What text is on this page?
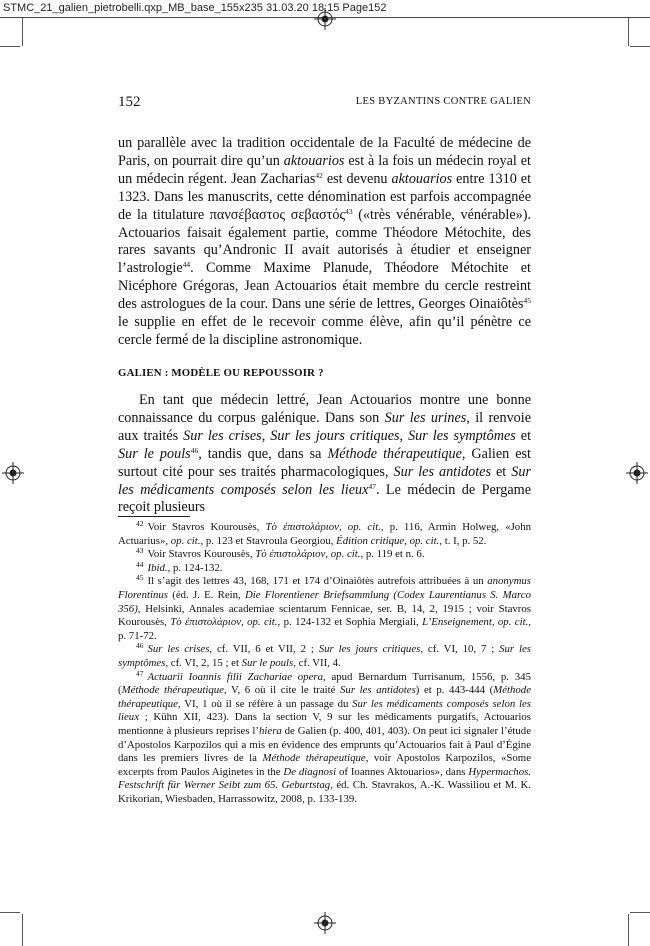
STMC_21_galien_pietrobelli.qxp_MB_base_155x235 31.03.20 18:15 Page152
152	LES BYZANTINS CONTRE GALIEN

un parallèle avec la tradition occidentale de la Faculté de médecine de Paris, on pourrait dire qu’un aktouarios est à la fois un médecin royal et un médecin régent. Jean Zacharias$^{42}$ est devenu aktouarios entre 1310 et 1323. Dans les manuscrits, cette dénomination est parfois accompagnée de la titulature πανσέβαστος σεβαστός$^{43}$ («très vénérable, vénérable»). Actouarios faisait également partie, comme Théodore Métochite, des rares savants qu’Andronic II avait autorisés à étudier et enseigner l’astrologie$^{44}$. Comme Maxime Planude, Théodore Métochite et Nicéphore Grégoras, Jean Actouarios était membre du cercle restreint des astrologues de la cour. Dans une série de lettres, Georges Oinaiôtès$^{45}$ le supplie en effet de le recevoir comme élève, afin qu’il pénètre ce cercle fermé de la discipline astronomique.

GALIEN : MODÈLE OU REPOUSSOIR ?

En tant que médecin lettré, Jean Actouarios montre une bonne connaissance du corpus galénique. Dans son Sur les urines, il renvoie aux traités Sur les crises, Sur les jours critiques, Sur les symptômes et Sur le pouls$^{46}$, tandis que, dans sa Méthode thérapeutique, Galien est surtout cité pour ses traités pharmacologiques, Sur les antidotes et Sur les médicaments composés selon les lieux$^{47}$. Le médecin de Pergame reçoit plusieurs

$^{42}$ Voir Stavros Kourousès, Τὸ ἐπιστολάριον, op. cit., p. 116, Armin Holweg, «John Actuarius», op. cit., p. 123 et Stavroula Georgiou, Édition critique, op. cit., t. I, p. 52.

$^{43}$ Voir Stavros Kourousès, Τὸ ἐπιστολάριον, op. cit., p. 119 et n. 6.

$^{44}$ Ibid., p. 124-132.

$^{45}$ Il s’agit des lettres 43, 168, 171 et 174 d’Oinaiôtès autrefois attribuées à un anonymus Florentinus (éd. J. E. Rein, Die Florentiener Briefsammlung (Codex Laurentianus S. Marco 356), Helsinki, Annales academiae scientarum Fennicae, ser. B, 14, 2, 1915 ; voir Stavros Kourousès, Τὸ ἐπιστολάριον, op. cit., p. 124-132 et Sophia Mergiali, L’Enseignement, op. cit., p. 71-72.

$^{46}$ Sur les crises, cf. VII, 6 et VII, 2 ; Sur les jours critiques, cf. VI, 10, 7 ; Sur les symptômes, cf. VI, 2, 15 ; et Sur le pouls, cf. VII, 4.

$^{47}$ Actuarii Ioannis filii Zachariae opera, apud Bernardum Turrisanum, 1556, p. 345 (Méthode thérapeutique, V, 6 où il cite le traité Sur les antidotes) et p. 443-444 (Méthode thérapeutique, VI, 1 où il se réfère à un passage du Sur les médicaments composés selon les lieux ; Kühn XII, 423). Dans la section V, 9 sur les médicaments purgatifs, Actouarios mentionne à plusieurs reprises l’hiera de Galien (p. 400, 401, 403). On peut ici signaler l’étude d’Apostolos Karpozilos qui a mis en évidence des emprunts qu’Actouarios fait à Paul d’Égine dans les premiers livres de la Méthode thérapeutique, voir Apostolos Karpozilos, «Some excerpts from Paulos Aiginetes in the De diagnosi of Ioannes Aktouarios», dans Hypermachos. Festschrift für Werner Seibt zum 65. Geburtstag, éd. Ch. Stavrakos, A.-K. Wassiliou et M. K. Krikorian, Wiesbaden, Harrassowitz, 2008, p. 133-139.
